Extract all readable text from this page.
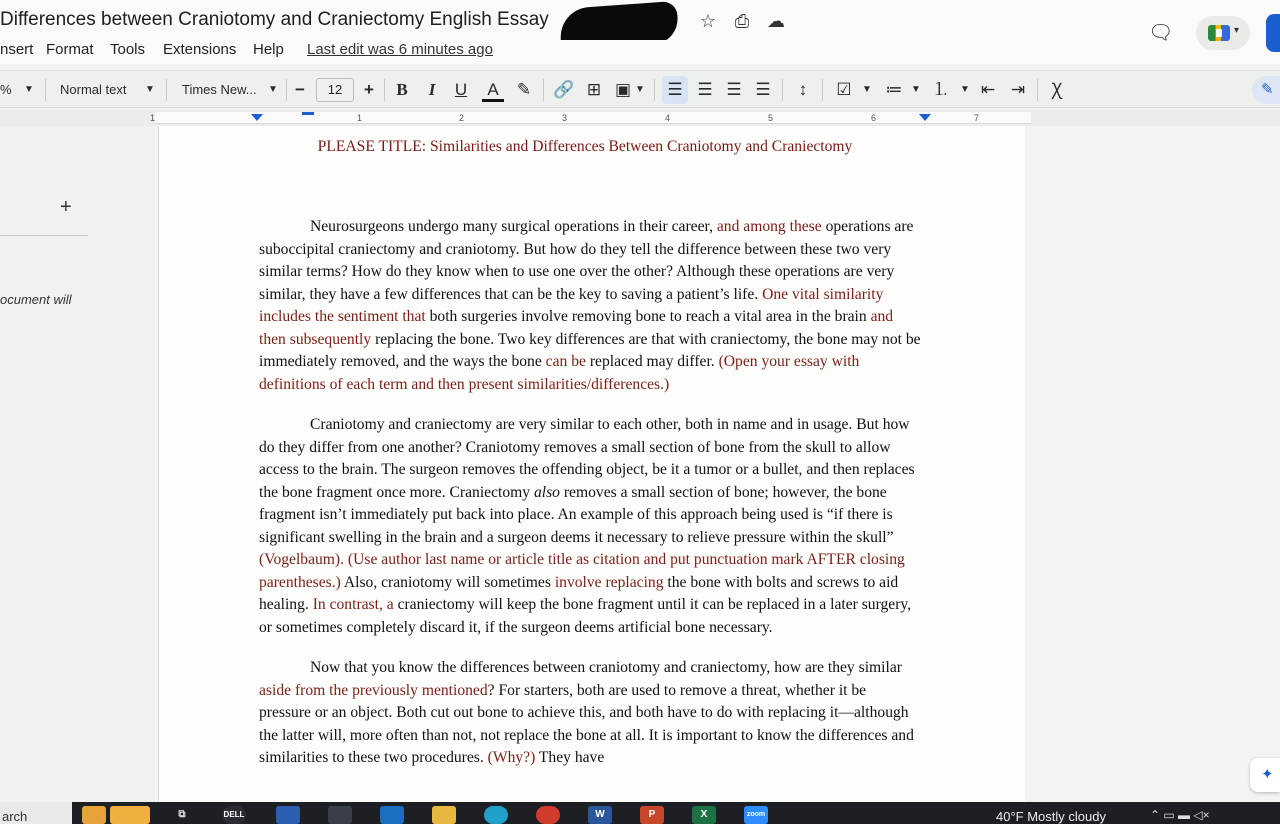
Differences between Craniotomy and Craniectomy English Essay	☆ ⎙ ☁
nsert Format Tools Extensions Help Last edit was 6 minutes ago
🗨	▾
% ▼ Normal text ▼ Times New... ▼ −	12	+ B I U	A	✎ 🔗 ⊞ ▣ ▼ ☰ ☰ ☰ ☰	↕	☑	▼ ≔ ▼ ⒈ ▼ ⇤ ⇥	Ꭓ	✎
1	1	2	3	4	5	6	7
+
ocument will
PLEASE TITLE: Similarities and Differences Between Craniotomy and Craniectomy

Neurosurgeons undergo many surgical operations in their career, and among these operations are suboccipital craniectomy and craniotomy. But how do they tell the difference between these two very similar terms? How do they know when to use one over the other? Although these operations are very similar, they have a few differences that can be the key to saving a patient’s life. One vital similarity includes the sentiment that both surgeries involve removing bone to reach a vital area in the brain and then subsequently replacing the bone. Two key differences are that with craniectomy, the bone may not be immediately removed, and the ways the bone can be replaced may differ. (Open your essay with definitions of each term and then present similarities/differences.)

Craniotomy and craniectomy are very similar to each other, both in name and in usage. But how do they differ from one another? Craniotomy removes a small section of bone from the skull to allow access to the brain. The surgeon removes the offending object, be it a tumor or a bullet, and then replaces the bone fragment once more. Craniectomy also removes a small section of bone; however, the bone fragment isn’t immediately put back into place. An example of this approach being used is “if there is significant swelling in the brain and a surgeon deems it necessary to relieve pressure within the skull” (Vogelbaum). (Use author last name or article title as citation and put punctuation mark AFTER closing parentheses.) Also, craniotomy will sometimes involve replacing the bone with bolts and screws to aid healing. In contrast, a craniectomy will keep the bone fragment until it can be replaced in a later surgery, or sometimes completely discard it, if the surgeon deems artificial bone necessary.

Now that you know the differences between craniotomy and craniectomy, how are they similar aside from the previously mentioned? For starters, both are used to remove a threat, whether it be pressure or an object. Both cut out bone to achieve this, and both have to do with replacing it—although the latter will, more often than not, not replace the bone at all. It is important to know the differences and similarities to these two procedures. (Why?) They have

✦
arch	⧉	DELL	W	P	X	zoom	40°F Mostly cloudy	⌃ ▭ ▬ ◁×
